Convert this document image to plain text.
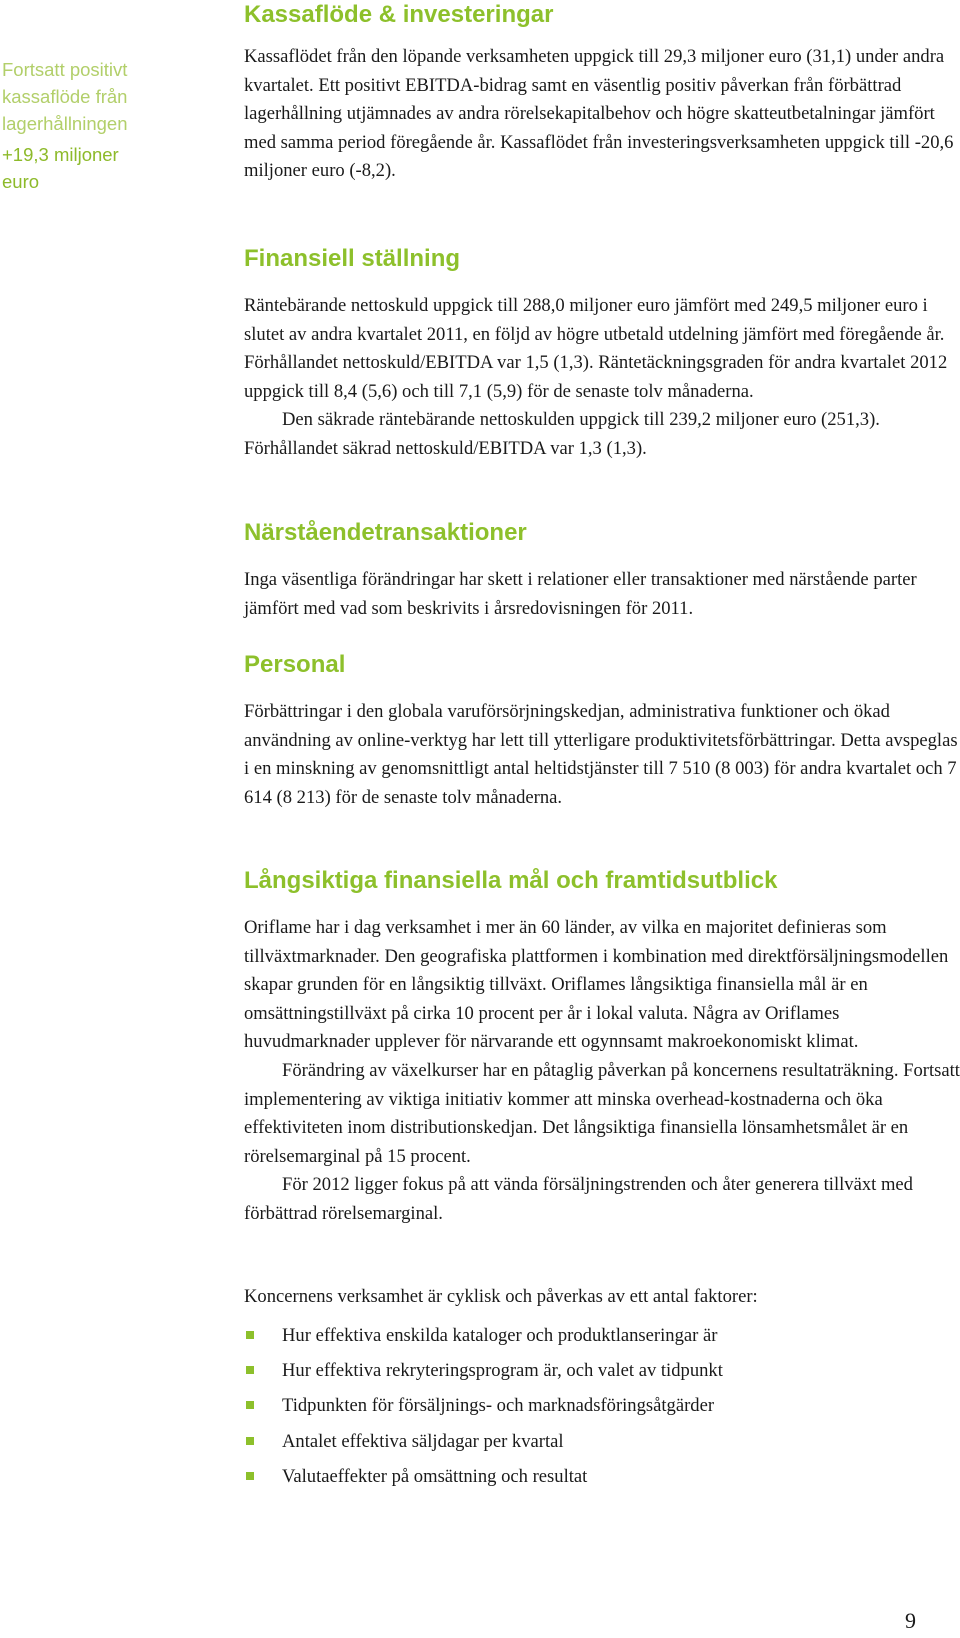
Fortsatt positivt
kassaflöde från
lagerhållningen
+19,3 miljoner
euro
Kassaflöde & investeringar

Kassaflödet från den löpande verksamheten uppgick till 29,3 miljoner euro (31,1) under andra kvartalet. Ett positivt EBITDA-bidrag samt en väsentlig positiv påverkan från förbättrad lagerhållning utjämnades av andra rörelsekapitalbehov och högre skatteutbetalningar jämfört med samma period föregående år. Kassaflödet från investeringsverksamheten uppgick till -20,6 miljoner euro (-8,2).

Finansiell ställning

Räntebärande nettoskuld uppgick till 288,0 miljoner euro jämfört med 249,5 miljoner euro i slutet av andra kvartalet 2011, en följd av högre utbetald utdelning jämfört med föregående år. Förhållandet nettoskuld/EBITDA var 1,5 (1,3). Räntetäckningsgraden för andra kvartalet 2012 uppgick till 8,4 (5,6) och till 7,1 (5,9) för de senaste tolv månaderna.

Den säkrade räntebärande nettoskulden uppgick till 239,2 miljoner euro (251,3). Förhållandet säkrad nettoskuld/EBITDA var 1,3 (1,3).

Närståendetransaktioner

Inga väsentliga förändringar har skett i relationer eller transaktioner med närstående parter jämfört med vad som beskrivits i årsredovisningen för 2011.

Personal

Förbättringar i den globala varuförsörjningskedjan, administrativa funktioner och ökad användning av online-verktyg har lett till ytterligare produktivitetsförbättringar. Detta avspeglas i en minskning av genomsnittligt antal heltidstjänster till 7 510 (8 003) för andra kvartalet och 7 614 (8 213) för de senaste tolv månaderna.

Långsiktiga finansiella mål och framtidsutblick

Oriflame har i dag verksamhet i mer än 60 länder, av vilka en majoritet definieras som tillväxtmarknader. Den geografiska plattformen i kombination med direktförsäljningsmodellen skapar grunden för en långsiktig tillväxt. Oriflames långsiktiga finansiella mål är en omsättningstillväxt på cirka 10 procent per år i lokal valuta. Några av Oriflames huvudmarknader upplever för närvarande ett ogynnsamt makroekonomiskt klimat.

Förändring av växelkurser har en påtaglig påverkan på koncernens resultaträkning. Fortsatt implementering av viktiga initiativ kommer att minska overhead-kostnaderna och öka effektiviteten inom distributionskedjan. Det långsiktiga finansiella lönsamhetsmålet är en rörelsemarginal på 15 procent.

För 2012 ligger fokus på att vända försäljningstrenden och åter generera tillväxt med förbättrad rörelsemarginal.

Koncernens verksamhet är cyklisk och påverkas av ett antal faktorer:

Hur effektiva enskilda kataloger och produktlanseringar är
Hur effektiva rekryteringsprogram är, och valet av tidpunkt
Tidpunkten för försäljnings- och marknadsföringsåtgärder
Antalet effektiva säljdagar per kvartal
Valutaeffekter på omsättning och resultat
9
